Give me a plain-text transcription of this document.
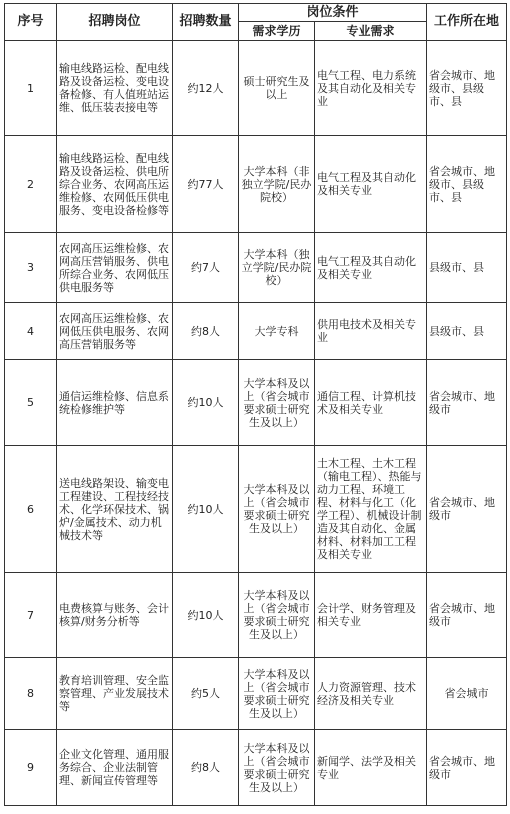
序号	招聘岗位	招聘数量	岗位条件		工作所在地
			需求学历	专业需求	
1	输电线路运检、配电线路及设备运检、变电设备检修、有人值班站运维、低压装表接电等	约12人	硕士研究生及以上	电气工程、电力系统及其自动化及相关专业	省会城市、地级市、县级市、县
2	输电线路运检、配电线路及设备运检、供电所综合业务、农网高压运维检修、农网低压供电服务、变电设备检修等	约77人	大学本科（非独立学院/民办院校）	电气工程及其自动化及相关专业	省会城市、地级市、县级市、县
3	农网高压运维检修、农网高压营销服务、供电所综合业务、农网低压供电服务等	约7人	大学本科（独立学院/民办院校）	电气工程及其自动化及相关专业	县级市、县
4	农网高压运维检修、农网低压供电服务、农网高压营销服务等	约8人	大学专科	供用电技术及相关专业	县级市、县
5	通信运维检修、信息系统检修维护等	约10人	大学本科及以上（省会城市要求硕士研究生及以上）	通信工程、计算机技术及相关专业	省会城市、地级市
6	送电线路架设、输变电工程建设、工程技经技术、化学环保技术、锅炉/金属技术、动力机械技术等	约10人	大学本科及以上（省会城市要求硕士研究生及以上）	土木工程、土木工程（输电工程）、热能与动力工程、环境工程、材料与化工（化学工程）、机械设计制造及其自动化、金属材料、材料加工工程及相关专业	省会城市、地级市
7	电费核算与账务、会计核算/财务分析等	约10人	大学本科及以上（省会城市要求硕士研究生及以上）	会计学、财务管理及相关专业	省会城市、地级市
8	教育培训管理、安全监察管理、产业发展技术等	约5人	大学本科及以上（省会城市要求硕士研究生及以上）	人力资源管理、技术经济及相关专业	省会城市
9	企业文化管理、通用服务综合、企业法制管理、新闻宣传管理等	约8人	大学本科及以上（省会城市要求硕士研究生及以上）	新闻学、法学及相关专业	省会城市、地级市
